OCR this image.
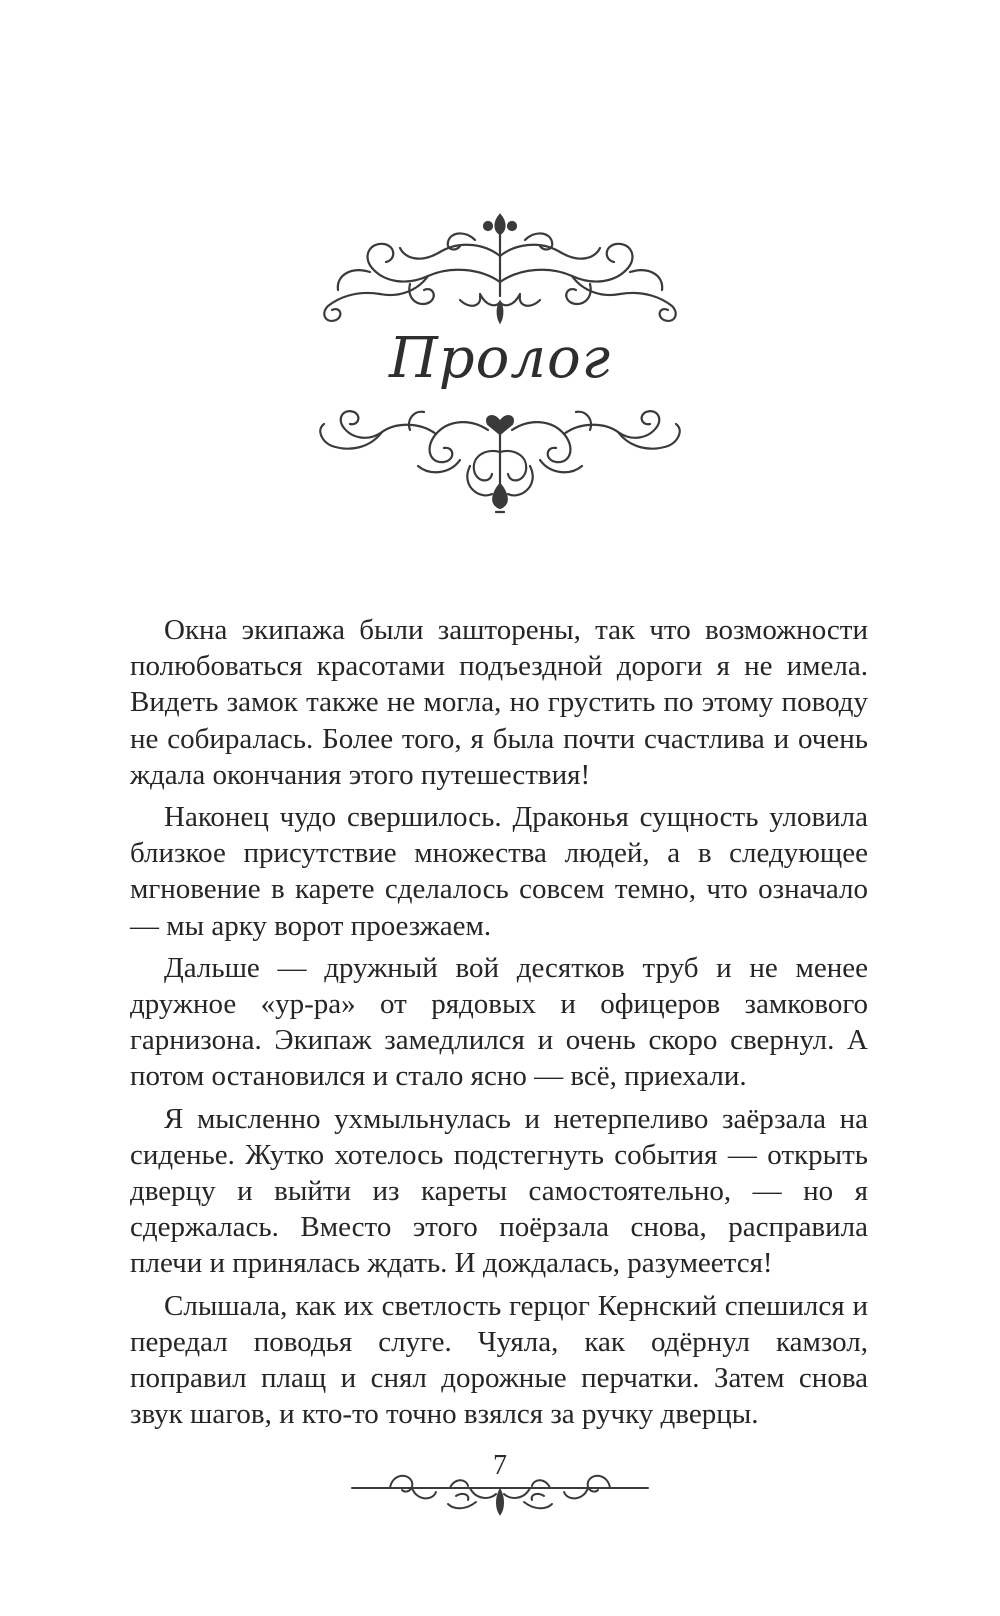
Пролог

Окна экипажа были зашторены, так что возможности полюбоваться красотами подъездной дороги я не имела. Видеть замок также не могла, но грустить по этому поводу не собиралась. Более того, я была почти счастлива и очень ждала окончания этого путешествия!

Наконец чудо свершилось. Драконья сущность уловила близкое присутствие множества людей, а в следующее мгновение в карете сделалось совсем темно, что означало — мы арку ворот проезжаем.

Дальше — дружный вой десятков труб и не менее дружное «ур-ра» от рядовых и офицеров замкового гарнизона. Экипаж замедлился и очень скоро свернул. А потом остановился и стало ясно — всё, приехали.

Я мысленно ухмыльнулась и нетерпеливо заёрзала на сиденье. Жутко хотелось подстегнуть события — открыть дверцу и выйти из кареты самостоятельно, — но я сдержалась. Вместо этого поёрзала снова, расправила плечи и принялась ждать. И дождалась, разумеется!

Слышала, как их светлость герцог Кернский спешился и передал поводья слуге. Чуяла, как одёрнул камзол, поправил плащ и снял дорожные перчатки. Затем снова звук шагов, и кто-то точно взялся за ручку дверцы.

7
